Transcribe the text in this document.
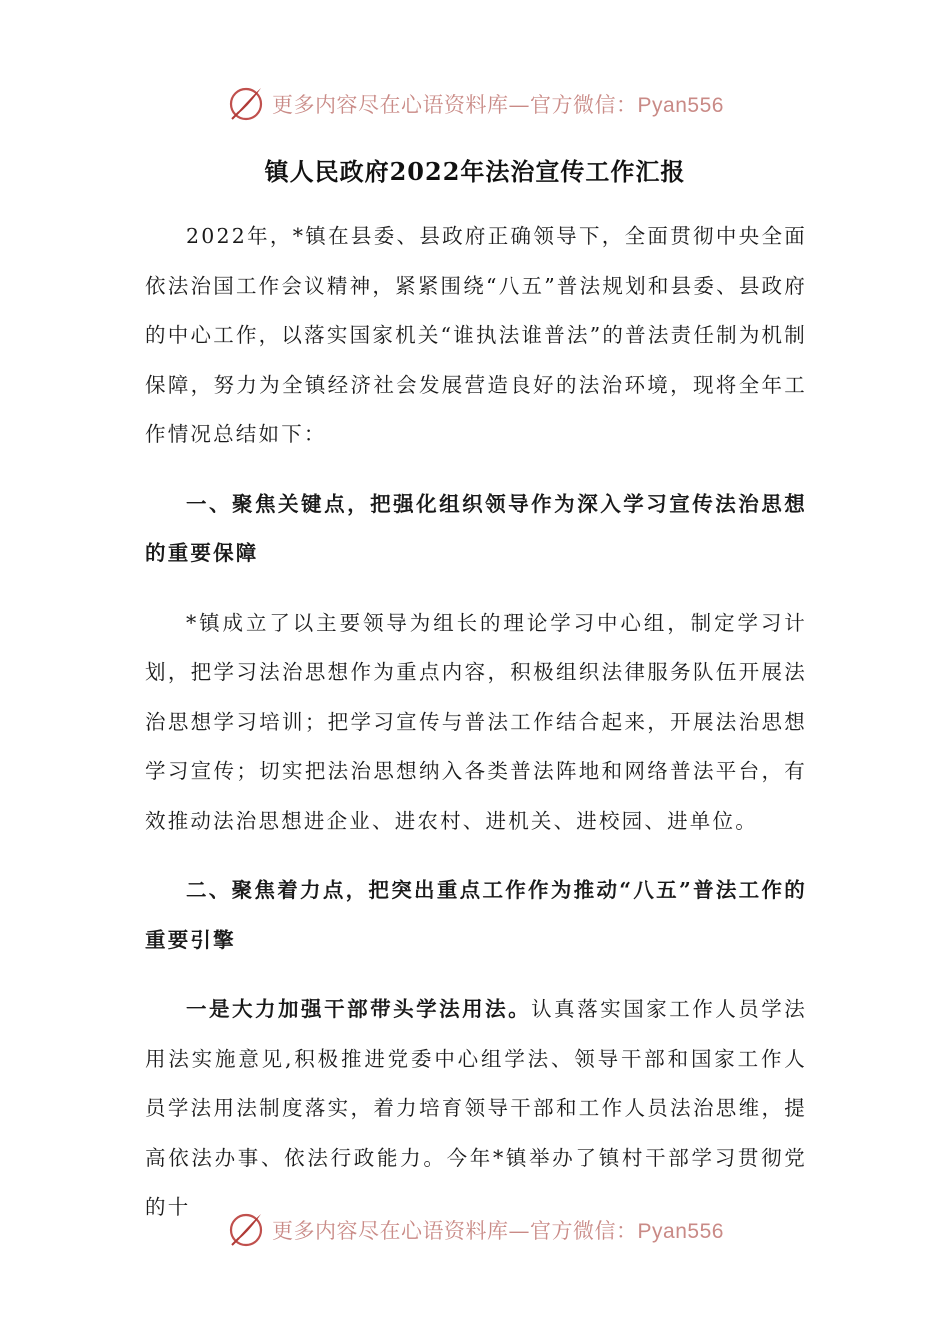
更多内容尽在心语资料库—官方微信：Pyan556
镇人民政府2022年法治宣传工作汇报

2022年，*镇在县委、县政府正确领导下，全面贯彻中央全面依法治国工作会议精神，紧紧围绕“八五”普法规划和县委、县政府的中心工作，以落实国家机关“谁执法谁普法”的普法责任制为机制保障，努力为全镇经济社会发展营造良好的法治环境，现将全年工作情况总结如下：

一、聚焦关键点，把强化组织领导作为深入学习宣传法治思想的重要保障

*镇成立了以主要领导为组长的理论学习中心组，制定学习计划，把学习法治思想作为重点内容，积极组织法律服务队伍开展法治思想学习培训；把学习宣传与普法工作结合起来，开展法治思想学习宣传；切实把法治思想纳入各类普法阵地和网络普法平台，有效推动法治思想进企业、进农村、进机关、进校园、进单位。

二、聚焦着力点，把突出重点工作作为推动“八五”普法工作的重要引擎

一是大力加强干部带头学法用法。认真落实国家工作人员学法用法实施意见,积极推进党委中心组学法、领导干部和国家工作人员学法用法制度落实，着力培育领导干部和工作人员法治思维，提高依法办事、依法行政能力。今年*镇举办了镇村干部学习贯彻党的十

更多内容尽在心语资料库—官方微信：Pyan556
